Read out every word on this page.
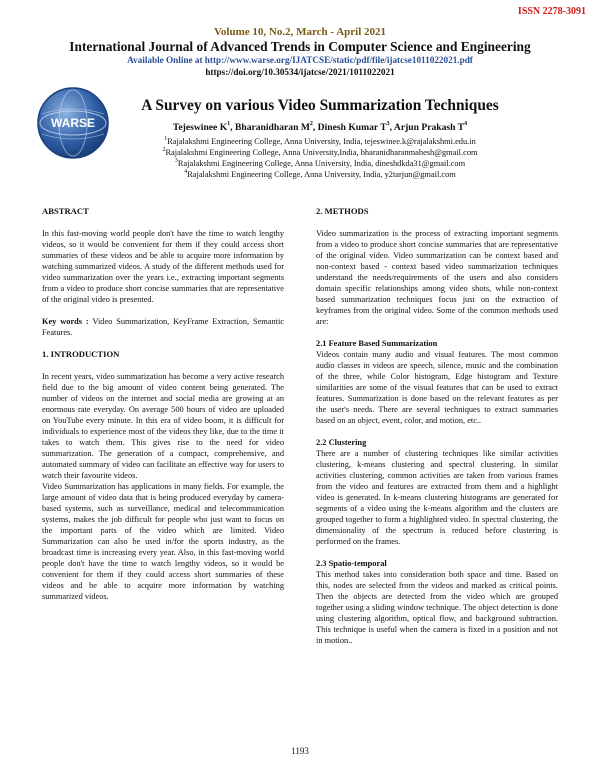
ISSN 2278-3091
Volume 10, No.2, March - April 2021
International Journal of Advanced Trends in Computer Science and Engineering
Available Online at http://www.warse.org/IJATCSE/static/pdf/file/ijatcse1011022021.pdf
https://doi.org/10.30534/ijatcse/2021/1011022021
WARSE
A Survey on various Video Summarization Techniques
Tejeswinee $K^1$, Bharanidharan $M^2$, Dinesh Kumar $T^3$, Arjun Prakash $T^4$
$^1$Rajalakshmi Engineering College, Anna University, India, tejeswinee.k@rajalakshmi.edu.in
$^2$Rajalakshmi Engineering College, Anna University,India, bharanidharanmahesh@gmail.com
$^3$Rajalakshmi Engineering College, Anna University, India, dineshdkda31@gmail.com
$^4$Rajalakshmi Engineering College, Anna University, India, y2tarjun@gmail.com

ABSTRACT

In this fast-moving world people don't have the time to watch lengthy videos, so it would be convenient for them if they could access short summaries of these videos and be able to acquire more information by watching summarized videos. A study of the different methods used for video summarization over the years i.e., extracting important segments from a video to produce short concise summaries that are representative of the original video is presented.

Key words : Video Summarization, KeyFrame Extraction, Semantic Features.

1. INTRODUCTION

In recent years, video summarization has become a very active research field due to the big amount of video content being generated. The number of videos on the internet and social media are growing at an enormous rate everyday. On average 500 hours of video are uploaded on YouTube every minute. In this era of video boom, it is difficult for individuals to experience most of the videos they like, due to the time it takes to watch them. This gives rise to the need for video summarization. The generation of a compact, comprehensive, and automated summary of video can facilitate an effective way for users to watch their favourite videos.

Video Summarization has applications in many fields. For example, the large amount of video data that is being produced everyday by camera-based systems, such as surveillance, medical and telecommunication systems, makes the job difficult for people who just want to focus on the important parts of the video which are limited. Video Summarization can also be used in/for the sports industry, as the broadcast time is increasing every year. Also, in this fast-moving world people don't have the time to watch lengthy videos, so it would be convenient for them if they could access short summaries of these videos and be able to acquire more information by watching summarized videos.

2. METHODS

Video summarization is the process of extracting important segments from a video to produce short concise summaries that are representative of the original video. Video summarization can be context based and non-context based - context based video summarization techniques understand the needs/requirements of the users and also considers domain specific relationships among video shots, while non-context based summarization techniques focus just on the extraction of keyframes from the original video. Some of the common methods used are:

2.1 Feature Based Summarization

Videos contain many audio and visual features. The most common audio classes in videos are speech, silence, music and the combination of the three, while Color histogram, Edge histogram and Texture similarities are some of the visual features that can be used to extract features. Summarization is done based on the relevant features as per the user's needs. There are several techniques to extract summaries based on an object, event, color, and motion, etc..

2.2 Clustering

There are a number of clustering techniques like similar activities clustering, k-means clustering and spectral clustering. In similar activities clustering, common activities are taken from various frames from the video and features are extracted from them and a highlight video is generated. In k-means clustering histograms are generated for segments of a video using the k-means algorithm and the clusters are grouped together to form a highlighted video. In spectral clustering, the dimensionality of the spectrum is reduced before clustering is performed on the frames.

2.3 Spatio-temporal

This method takes into consideration both space and time. Based on this, nodes are selected from the videos and marked as critical points. Then the objects are detected from the video which are grouped together using a sliding window technique. The object detection is done using clustering algorithm, optical flow, and background subtraction. This technique is useful when the camera is fixed in a position and not in motion..

1193
